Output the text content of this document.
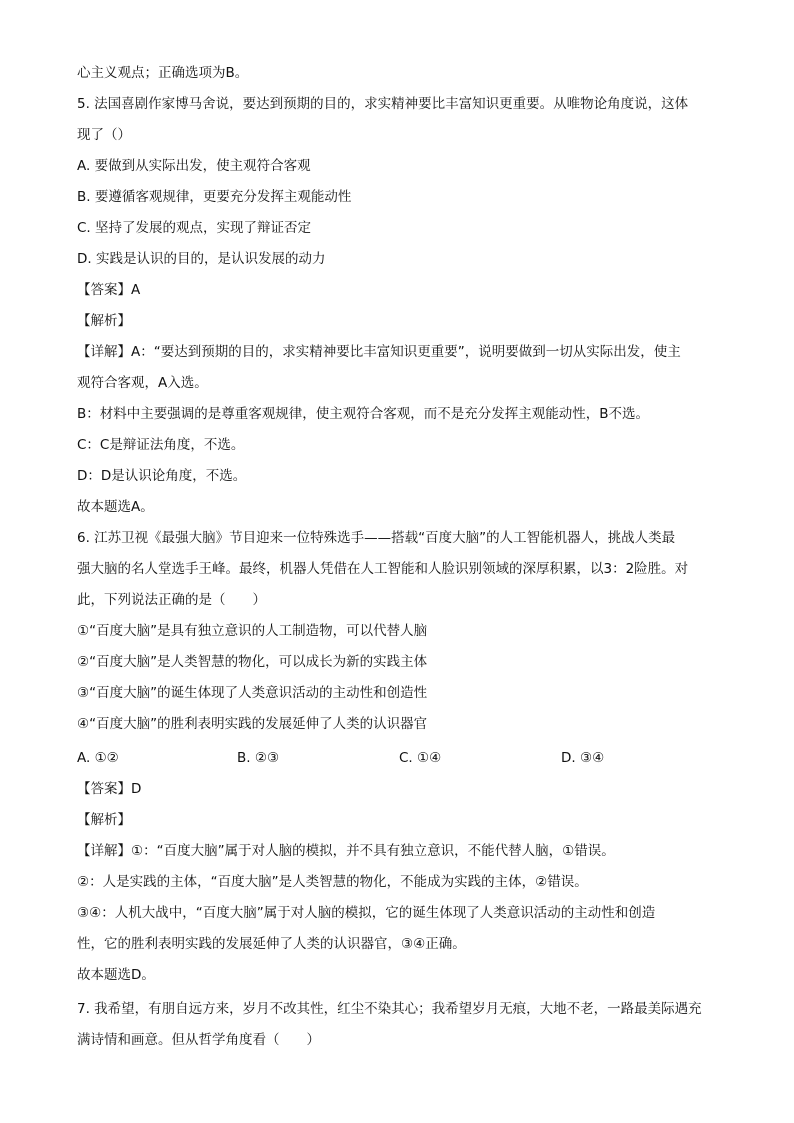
心主义观点；正确选项为B。
5. 法国喜剧作家博马舍说，要达到预期的目的，求实精神要比丰富知识更重要。从唯物论角度说，这体
现了（）
A. 要做到从实际出发，使主观符合客观
B. 要遵循客观规律，更要充分发挥主观能动性
C. 坚持了发展的观点，实现了辩证否定
D. 实践是认识的目的，是认识发展的动力
【答案】A
【解析】
【详解】A：“要达到预期的目的，求实精神要比丰富知识更重要”，说明要做到一切从实际出发，使主
观符合客观，A入选。
B：材料中主要强调的是尊重客观规律，使主观符合客观，而不是充分发挥主观能动性，B不选。
C：C是辩证法角度，不选。
D：D是认识论角度，不选。
故本题选A。
6. 江苏卫视《最强大脑》节目迎来一位特殊选手——搭载“百度大脑”的人工智能机器人，挑战人类最
强大脑的名人堂选手王峰。最终，机器人凭借在人工智能和人脸识别领域的深厚积累，以3：2险胜。对
此，下列说法正确的是（　　）
①“百度大脑”是具有独立意识的人工制造物，可以代替人脑
②“百度大脑”是人类智慧的物化，可以成长为新的实践主体
③“百度大脑”的诞生体现了人类意识活动的主动性和创造性
④“百度大脑”的胜利表明实践的发展延伸了人类的认识器官
A. ①②	B. ②③	C. ①④	D. ③④
【答案】D
【解析】
【详解】①：“百度大脑”属于对人脑的模拟，并不具有独立意识，不能代替人脑，①错误。
②：人是实践的主体，“百度大脑”是人类智慧的物化，不能成为实践的主体，②错误。
③④：人机大战中，“百度大脑”属于对人脑的模拟，它的诞生体现了人类意识活动的主动性和创造
性，它的胜利表明实践的发展延伸了人类的认识器官，③④正确。
故本题选D。
7. 我希望，有朋自远方来，岁月不改其性，红尘不染其心；我希望岁月无痕，大地不老，一路最美际遇充
满诗情和画意。但从哲学角度看（　　）
